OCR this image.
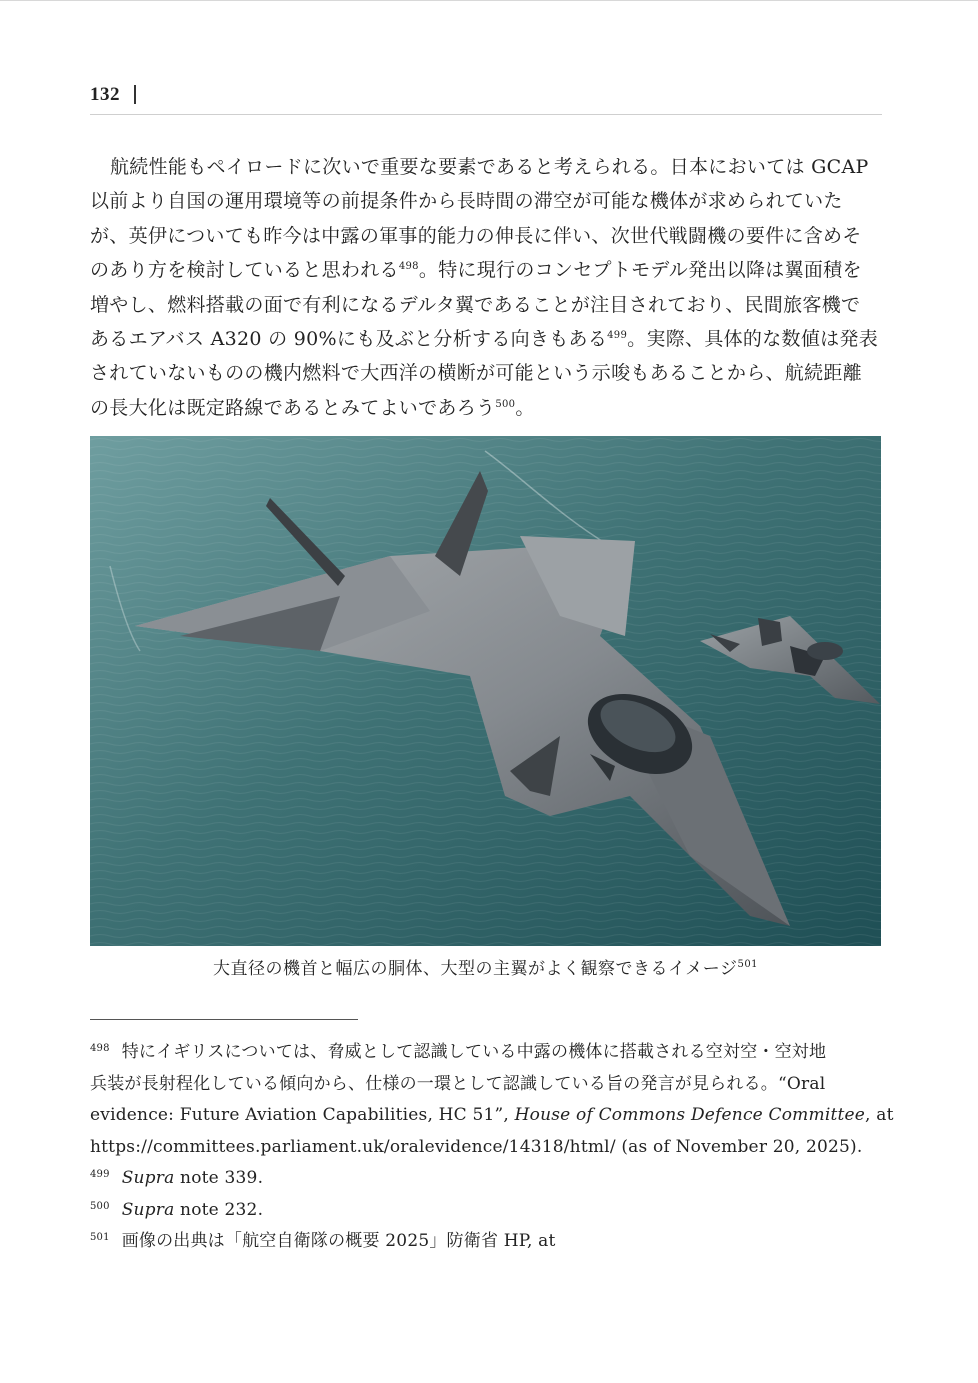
132

航続性能もペイロードに次いで重要な要素であると考えられる。日本においては GCAP

以前より自国の運用環境等の前提条件から長時間の滞空が可能な機体が求められていた

が、英伊についても昨今は中露の軍事的能力の伸長に伴い、次世代戦闘機の要件に含めそ

のあり方を検討していると思われる$^{498}$。特に現行のコンセプトモデル発出以降は翼面積を

増やし、燃料搭載の面で有利になるデルタ翼であることが注目されており、民間旅客機で

あるエアバス A320 の 90%にも及ぶと分析する向きもある$^{499}$。実際、具体的な数値は発表

されていないものの機内燃料で大西洋の横断が可能という示唆もあることから、航続距離

の長大化は既定路線であるとみてよいであろう$^{500}$。

大直径の機首と幅広の胴体、大型の主翼がよく観察できるイメージ$^{501}$

$^{498}$ 特にイギリスについては、脅威として認識している中露の機体に搭載される空対空・空対地

兵装が長射程化している傾向から、仕様の一環として認識している旨の発言が見られる。“Oral

evidence: Future Aviation Capabilities, HC 51”, House of Commons Defence Committee, at

https://committees.parliament.uk/oralevidence/14318/html/ (as of November 20, 2025).

$^{499}$ Supra note 339.

$^{500}$ Supra note 232.

$^{501}$ 画像の出典は「航空自衛隊の概要 2025」防衛省 HP, at
